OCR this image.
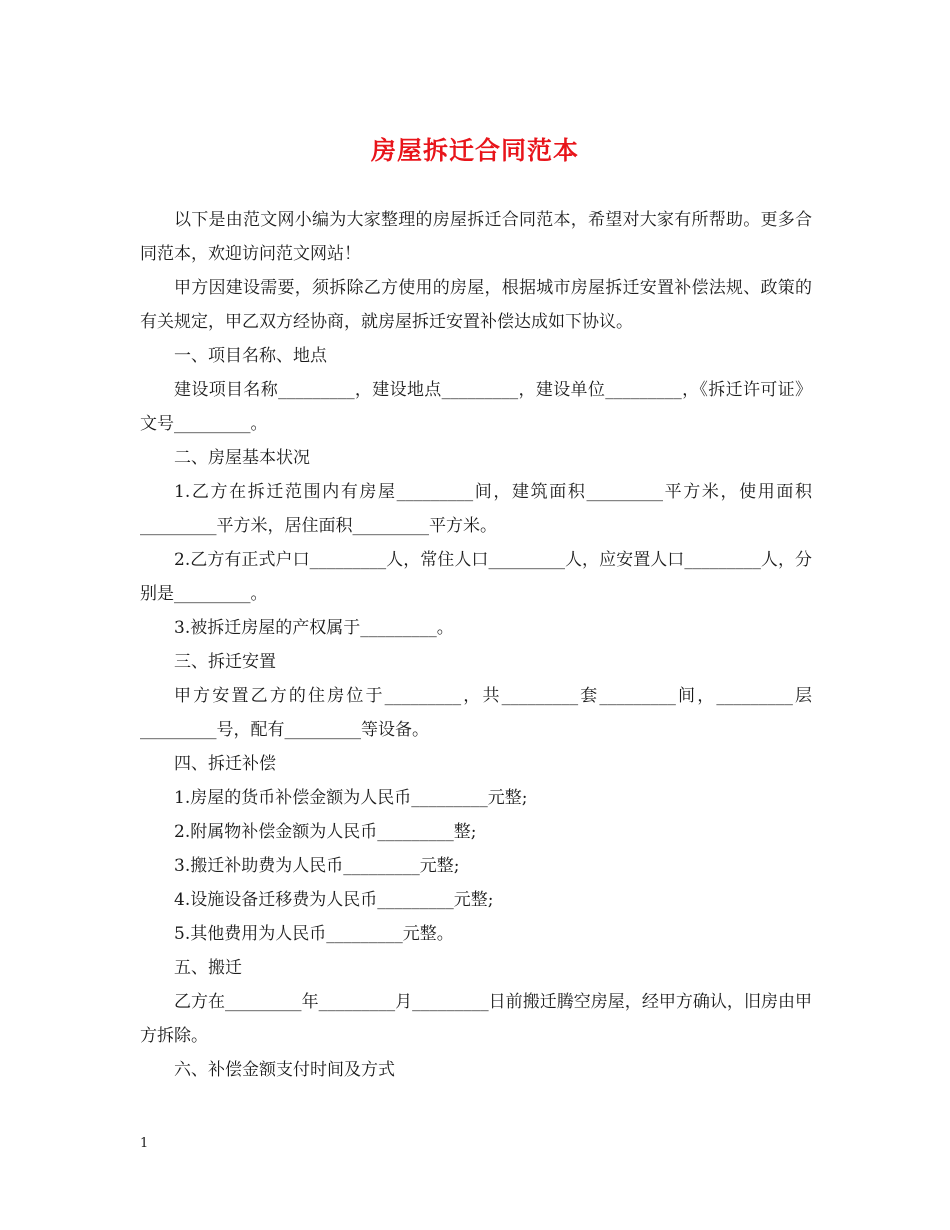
房屋拆迁合同范本

以下是由范文网小编为大家整理的房屋拆迁合同范本，希望对大家有所帮助。更多合同范本，欢迎访问范文网站！

甲方因建设需要，须拆除乙方使用的房屋，根据城市房屋拆迁安置补偿法规、政策的有关规定，甲乙双方经协商，就房屋拆迁安置补偿达成如下协议。

一、项目名称、地点

建设项目名称_________，建设地点_________，建设单位_________，《拆迁许可证》文号_________。

二、房屋基本状况

1.乙方在拆迁范围内有房屋_________间，建筑面积_________平方米，使用面积_________平方米，居住面积_________平方米。

2.乙方有正式户口_________人，常住人口_________人，应安置人口_________人，分别是_________。

3.被拆迁房屋的产权属于_________。

三、拆迁安置

甲方安置乙方的住房位于_________，共_________套_________间，_________层_________号，配有_________等设备。

四、拆迁补偿

1.房屋的货币补偿金额为人民币_________元整;

2.附属物补偿金额为人民币_________整;

3.搬迁补助费为人民币_________元整;

4.设施设备迁移费为人民币_________元整;

5.其他费用为人民币_________元整。

五、搬迁

乙方在_________年_________月_________日前搬迁腾空房屋，经甲方确认，旧房由甲方拆除。

六、补偿金额支付时间及方式

1
